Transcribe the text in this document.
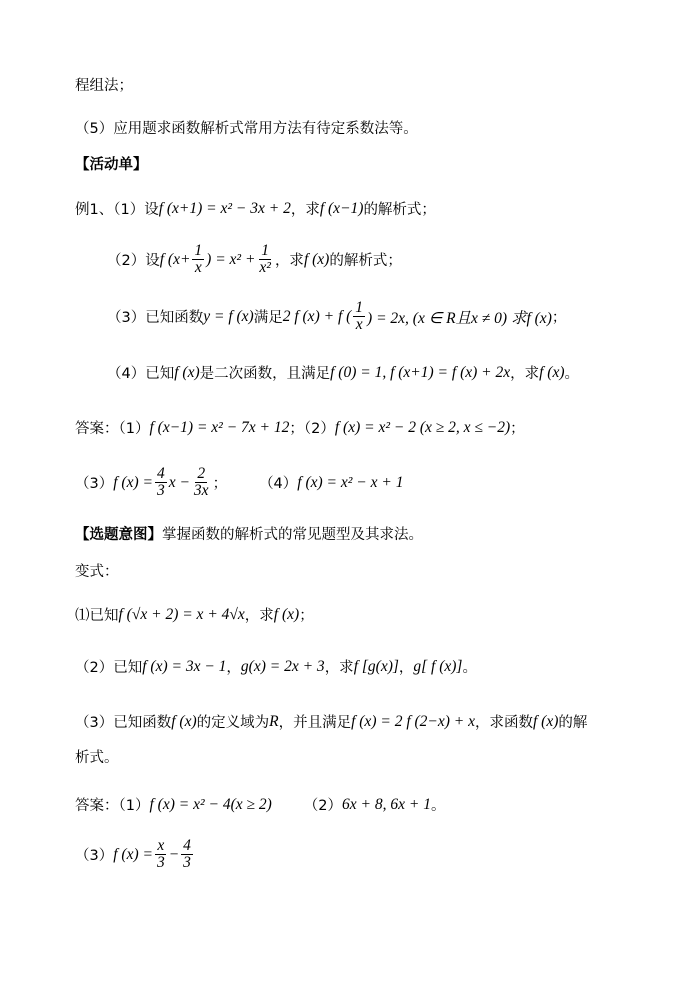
程组法；
（5）应用题求函数解析式常用方法有待定系数法等。
【活动单】
例1、（1）设 f (x+1) = x² − 3x + 2 ，求 f (x−1) 的解析式；
（2）设 f ($x+ \frac{1}{x}$ ) = $x^2 + \frac{1}{\text{x²}}$ ，求 f (x) 的解析式；
（3）已知函数 y = f (x) 满足 2 f (x) + f ( $\frac{1}{x}$ ) = 2x, (x ∈ R且x ≠ 0) 求f (x) ；
（4）已知 f (x) 是二次函数，且满足 f (0) = 1, f (x+1) = f (x) + 2x ，求 f (x) 。
答案：（1） f (x−1) = x² − 7x + 12 ；（2） f (x) = x² − 2 (x ≥ 2, x ≤ −2) ；
（3） f $(x) = \frac{4}{3}$ $x - \frac{2}{3x}$ ； （4） f (x) = x² − x + 1
【选题意图】 掌握函数的解析式的常见题型及其求法。
变式：
⑴已知 f (√x + 2) = x + 4√x ，求 f (x) ；
（2）已知 f (x) = 3x − 1 ， g(x) = 2x + 3 ，求 f [g(x)] ， g[ f (x)] 。
（3）已知函数 f (x) 的定义域为 R ，并且满足 f (x) = 2 f (2−x) + x ，求函数 f (x) 的解
析式。
答案：（1） f (x) = x² − 4(x ≥ 2) （2） 6x + 8, 6x + 1 。
（3） f $(x) = \frac{x}{3} - \frac{4}{3}$
